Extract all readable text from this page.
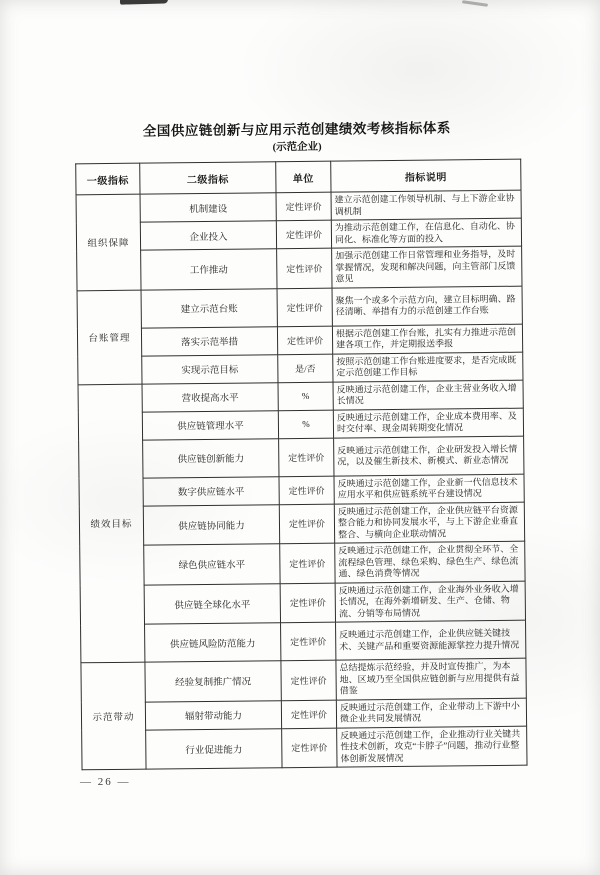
全国供应链创新与应用示范创建绩效考核指标体系
(示范企业)
一级指标	二级指标	单位	指标说明
组织保障	机制建设	定性评价	建立示范创建工作领导机制、与上下游企业协调机制
	企业投入	定性评价	为推动示范创建工作，在信息化、自动化、协同化、标准化等方面的投入
	工作推动	定性评价	加强示范创建工作日常管理和业务指导，及时掌握情况，发现和解决问题，向主管部门反馈意见
台账管理	建立示范台账	定性评价	聚焦一个或多个示范方向，建立目标明确、路径清晰、举措有力的示范创建工作台账
	落实示范举措	定性评价	根据示范创建工作台账，扎实有力推进示范创建各项工作，并定期报送季报
	实现示范目标	是/否	按照示范创建工作台账进度要求，是否完成既定示范创建工作目标
绩效目标	营收提高水平	%	反映通过示范创建工作，企业主营业务收入增长情况
	供应链管理水平	%	反映通过示范创建工作，企业成本费用率、及时交付率、现金周转期变化情况
	供应链创新能力	定性评价	反映通过示范创建工作，企业研发投入增长情况，以及催生新技术、新模式、新业态情况
	数字供应链水平	定性评价	反映通过示范创建工作，企业新一代信息技术应用水平和供应链系统平台建设情况
	供应链协同能力	定性评价	反映通过示范创建工作，企业供应链平台资源整合能力和协同发展水平，与上下游企业垂直整合、与横向企业联动情况
	绿色供应链水平	定性评价	反映通过示范创建工作，企业贯彻全环节、全流程绿色管理、绿色采购、绿色生产、绿色流通、绿色消费等情况
	供应链全球化水平	定性评价	反映通过示范创建工作，企业海外业务收入增长情况，在海外新增研发、生产、仓储、物流、分销等布局情况
	供应链风险防范能力	定性评价	反映通过示范创建工作，企业供应链关键技术、关键产品和重要资源能源掌控力提升情况
示范带动	经验复制推广情况	定性评价	总结提炼示范经验，并及时宣传推广，为本地、区域乃至全国供应链创新与应用提供有益借鉴
	辐射带动能力	定性评价	反映通过示范创建工作，企业带动上下游中小微企业共同发展情况
	行业促进能力	定性评价	反映通过示范创建工作，企业推动行业关键共性技术创新，攻克“卡脖子”问题，推动行业整体创新发展情况
— 26 —
